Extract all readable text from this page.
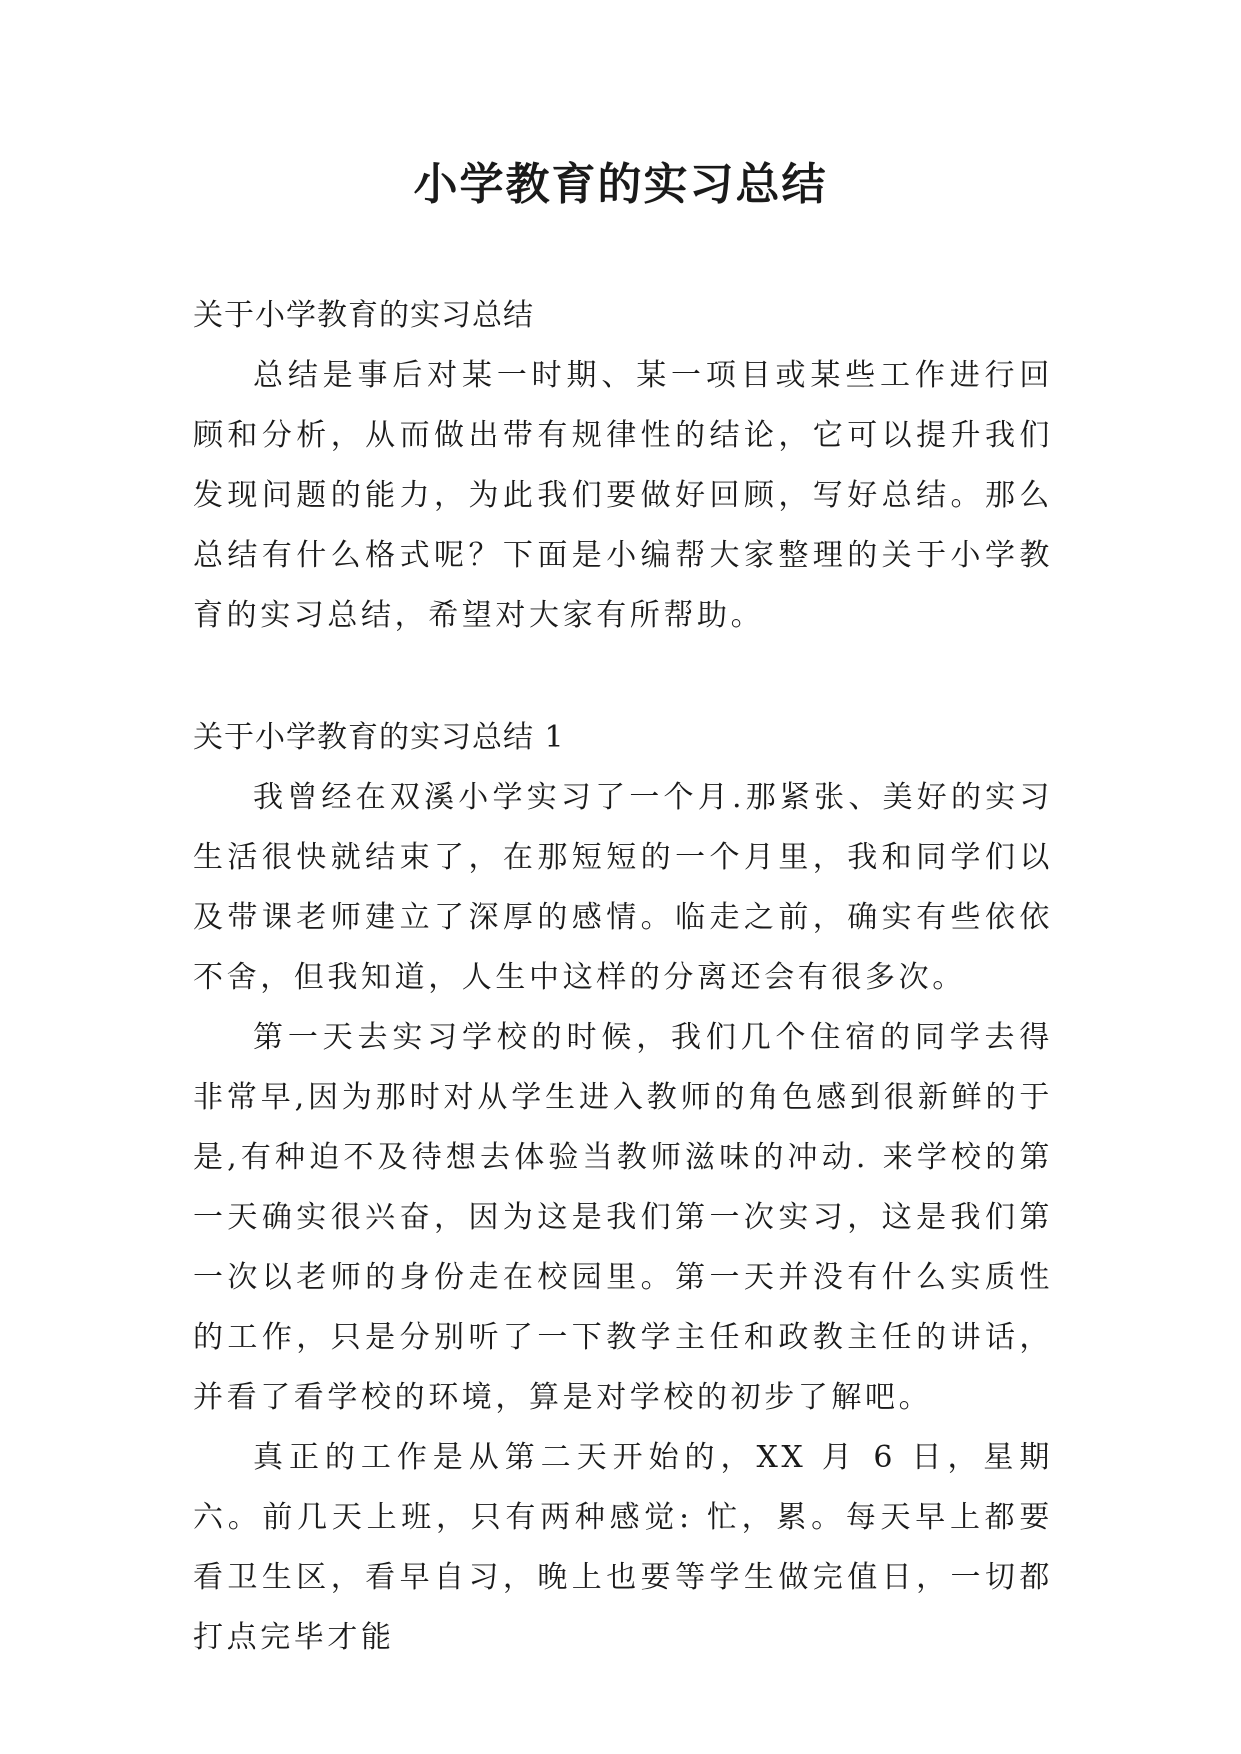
小学教育的实习总结

关于小学教育的实习总结

总结是事后对某一时期、某一项目或某些工作进行回顾和分析，从而做出带有规律性的结论，它可以提升我们发现问题的能力，为此我们要做好回顾，写好总结。那么总结有什么格式呢？下面是小编帮大家整理的关于小学教育的实习总结，希望对大家有所帮助。

关于小学教育的实习总结 1

我曾经在双溪小学实习了一个月.那紧张、美好的实习生活很快就结束了，在那短短的一个月里，我和同学们以及带课老师建立了深厚的感情。临走之前，确实有些依依不舍，但我知道，人生中这样的分离还会有很多次。

第一天去实习学校的时候，我们几个住宿的同学去得非常早,因为那时对从学生进入教师的角色感到很新鲜的于是,有种迫不及待想去体验当教师滋味的冲动. 来学校的第一天确实很兴奋，因为这是我们第一次实习，这是我们第一次以老师的身份走在校园里。第一天并没有什么实质性的工作，只是分别听了一下教学主任和政教主任的讲话，并看了看学校的环境，算是对学校的初步了解吧。

真正的工作是从第二天开始的，XX 月 6 日，星期六。前几天上班，只有两种感觉: 忙，累。每天早上都要看卫生区，看早自习，晚上也要等学生做完值日，一切都打点完毕才能
